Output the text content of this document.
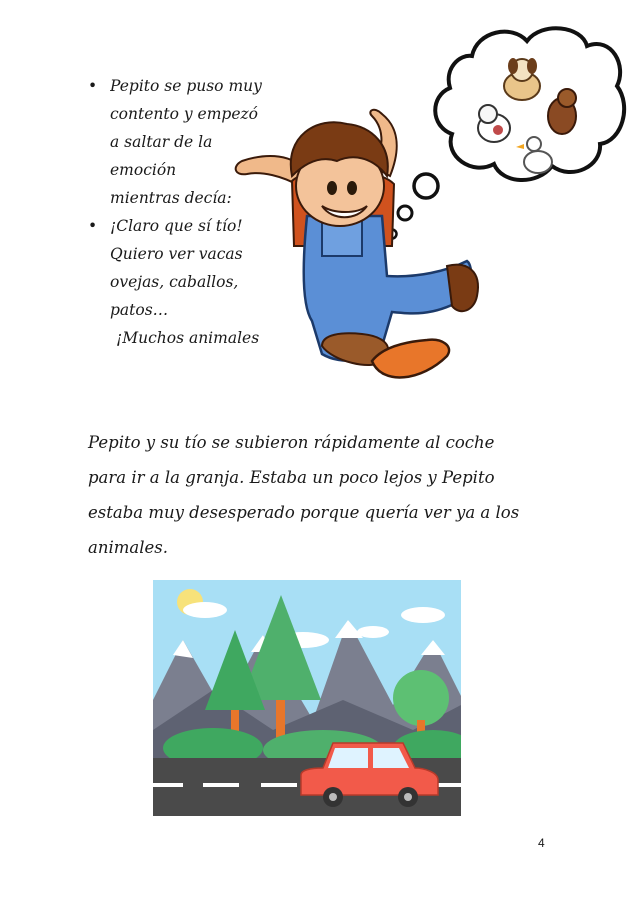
• Pepito se puso muy
contento y empezó
a saltar de la
emoción
mientras decía:
• ¡Claro que sí tío!
Quiero ver vacas
ovejas, caballos,
patos…
¡Muchos animales

Pepito y su tío se subieron rápidamente al coche
para ir a la granja. Estaba un poco lejos y Pepito
estaba muy desesperado porque quería ver ya a los
animales.

4
